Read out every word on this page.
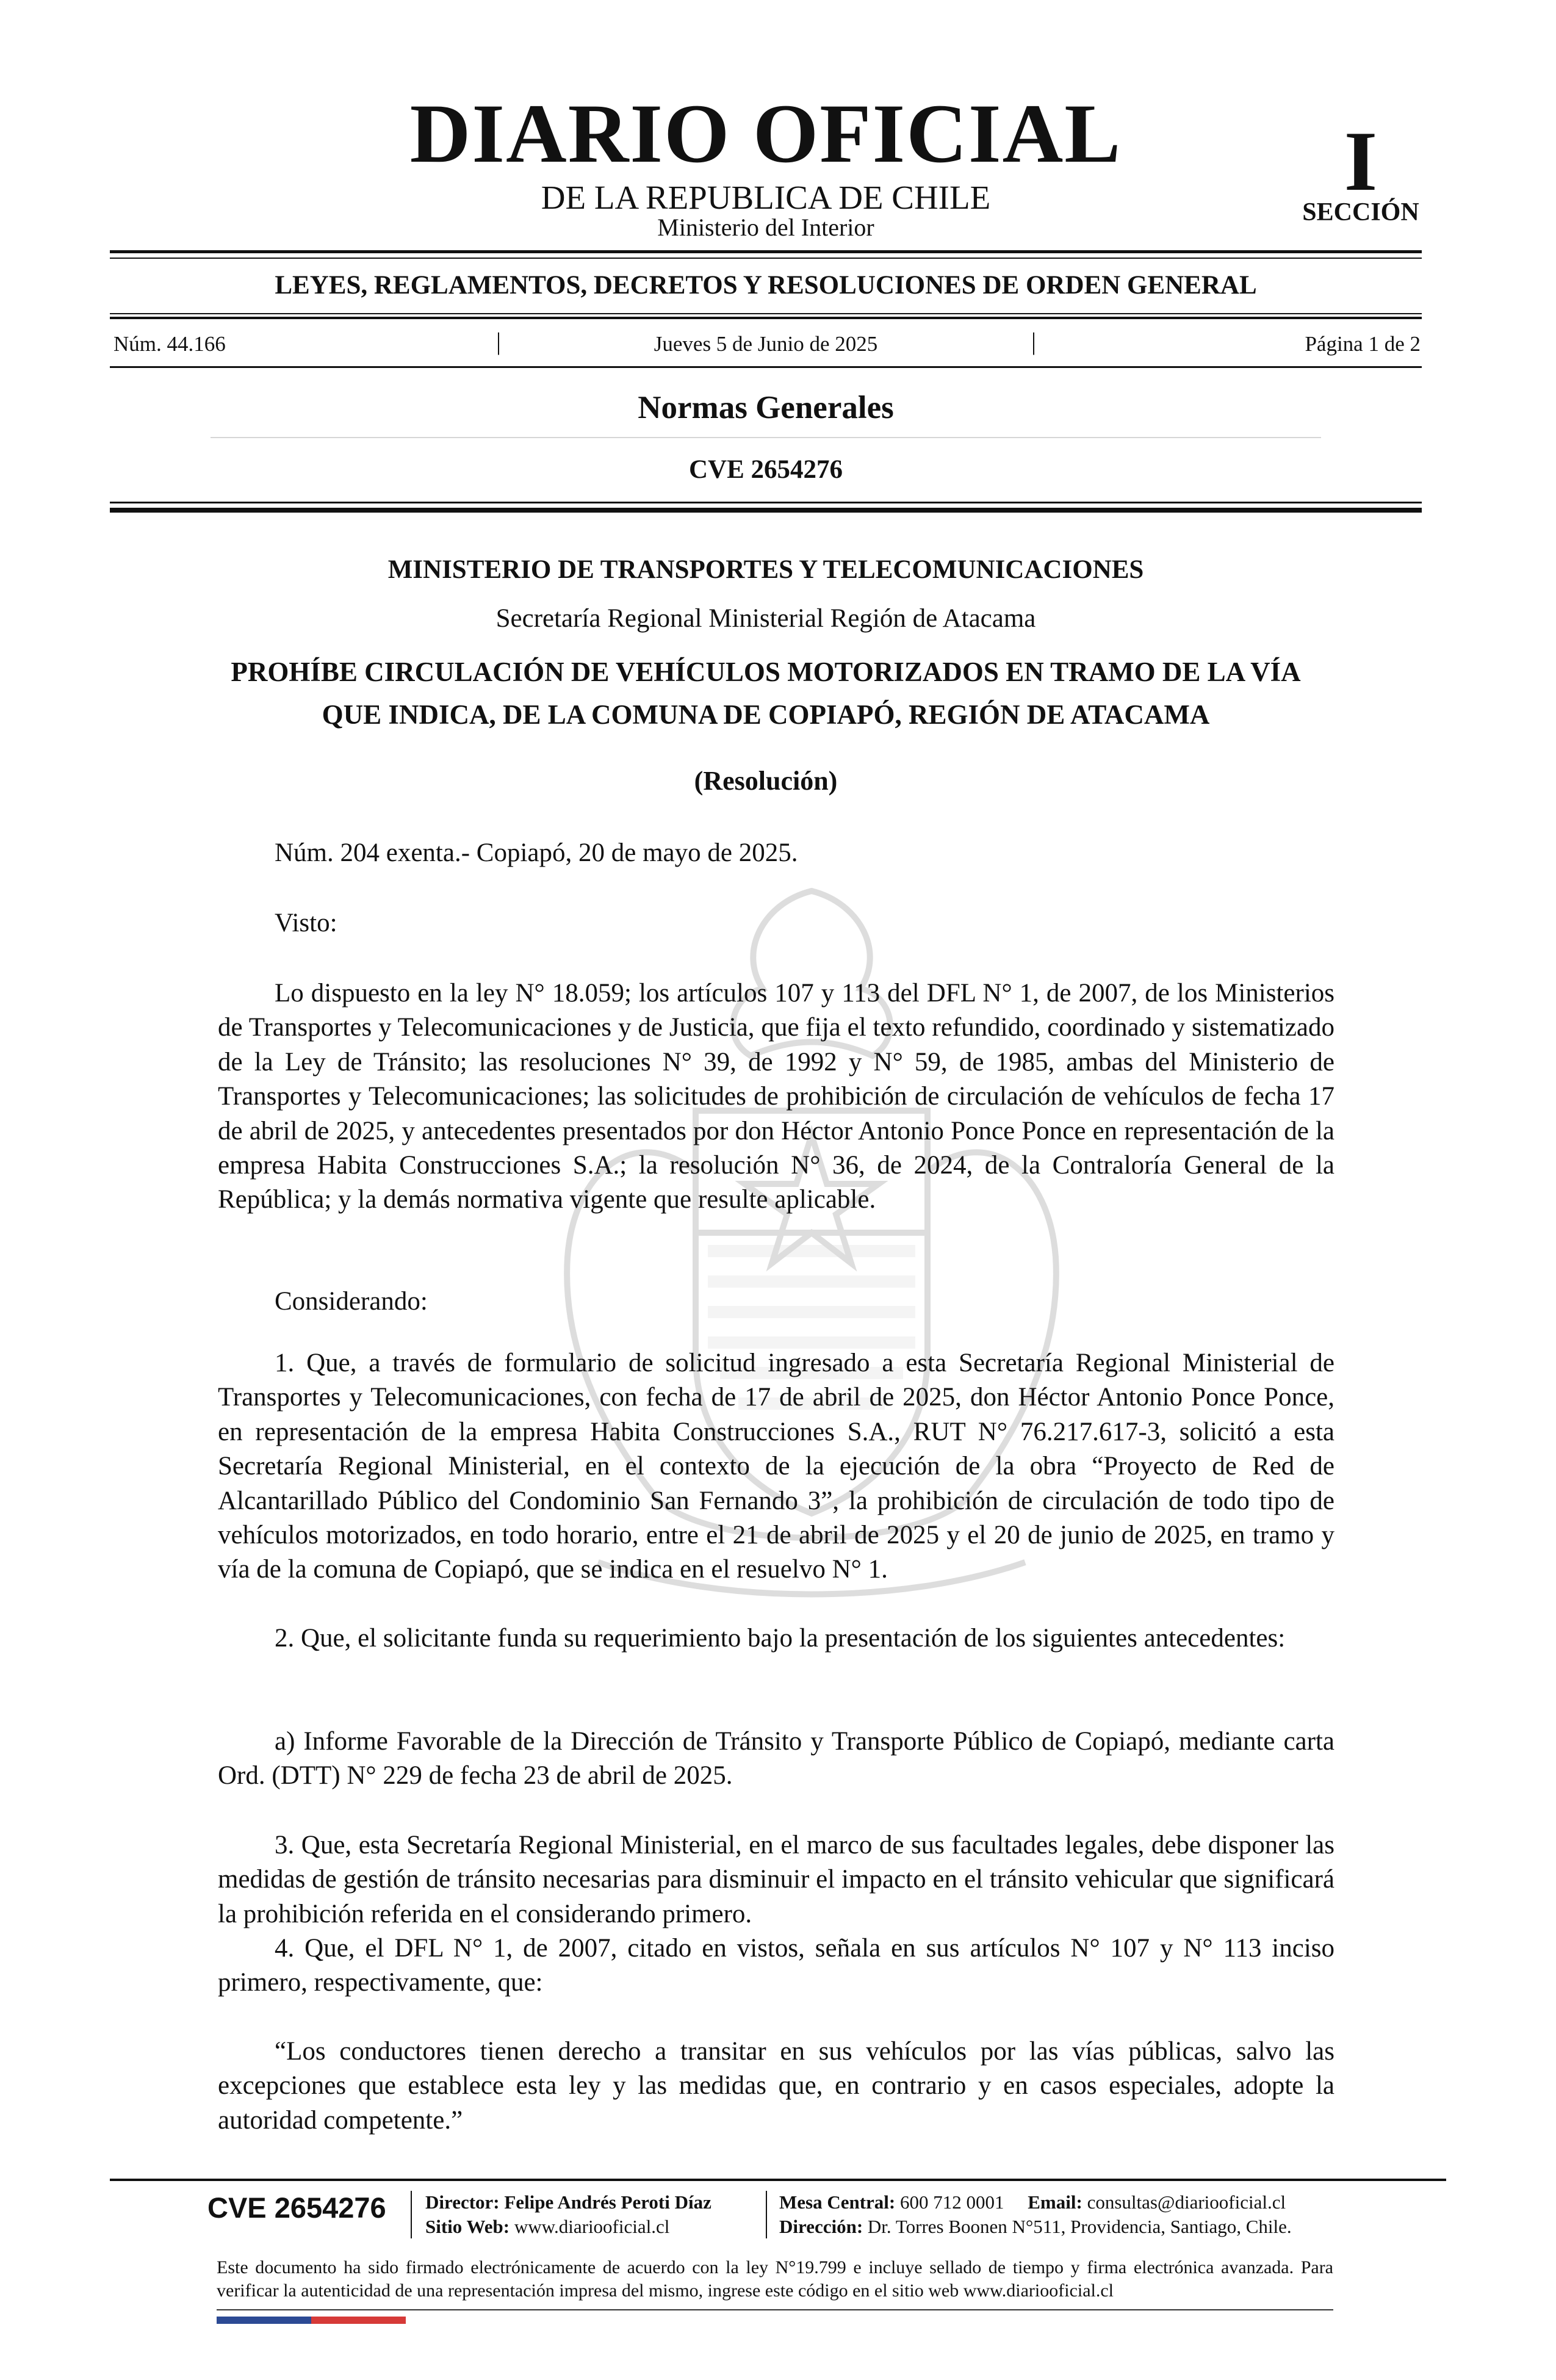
DIARIO OFICIAL
DE LA REPUBLICA DE CHILE
Ministerio del Interior
I
SECCIÓN
LEYES, REGLAMENTOS, DECRETOS Y RESOLUCIONES DE ORDEN GENERAL
Núm. 44.166	|	Jueves 5 de Junio de 2025	|	Página 1 de 2
Normas Generales
CVE 2654276
MINISTERIO DE TRANSPORTES Y TELECOMUNICACIONES
Secretaría Regional Ministerial Región de Atacama
PROHÍBE CIRCULACIÓN DE VEHÍCULOS MOTORIZADOS EN TRAMO DE LA VÍA QUE INDICA, DE LA COMUNA DE COPIAPÓ, REGIÓN DE ATACAMA
(Resolución)
Núm. 204 exenta.- Copiapó, 20 de mayo de 2025.
Visto:
Lo dispuesto en la ley N° 18.059; los artículos 107 y 113 del DFL N° 1, de 2007, de los Ministerios de Transportes y Telecomunicaciones y de Justicia, que fija el texto refundido, coordinado y sistematizado de la Ley de Tránsito; las resoluciones N° 39, de 1992 y N° 59, de 1985, ambas del Ministerio de Transportes y Telecomunicaciones; las solicitudes de prohibición de circulación de vehículos de fecha 17 de abril de 2025, y antecedentes presentados por don Héctor Antonio Ponce Ponce en representación de la empresa Habita Construcciones S.A.; la resolución N° 36, de 2024, de la Contraloría General de la República; y la demás normativa vigente que resulte aplicable.
Considerando:
1. Que, a través de formulario de solicitud ingresado a esta Secretaría Regional Ministerial de Transportes y Telecomunicaciones, con fecha de 17 de abril de 2025, don Héctor Antonio Ponce Ponce, en representación de la empresa Habita Construcciones S.A., RUT N° 76.217.617-3, solicitó a esta Secretaría Regional Ministerial, en el contexto de la ejecución de la obra “Proyecto de Red de Alcantarillado Público del Condominio San Fernando 3”, la prohibición de circulación de todo tipo de vehículos motorizados, en todo horario, entre el 21 de abril de 2025 y el 20 de junio de 2025, en tramo y vía de la comuna de Copiapó, que se indica en el resuelvo N° 1.
2. Que, el solicitante funda su requerimiento bajo la presentación de los siguientes antecedentes:
a) Informe Favorable de la Dirección de Tránsito y Transporte Público de Copiapó, mediante carta Ord. (DTT) N° 229 de fecha 23 de abril de 2025.
3. Que, esta Secretaría Regional Ministerial, en el marco de sus facultades legales, debe disponer las medidas de gestión de tránsito necesarias para disminuir el impacto en el tránsito vehicular que significará la prohibición referida en el considerando primero.
4. Que, el DFL N° 1, de 2007, citado en vistos, señala en sus artículos N° 107 y N° 113 inciso primero, respectivamente, que:
“Los conductores tienen derecho a transitar en sus vehículos por las vías públicas, salvo las excepciones que establece esta ley y las medidas que, en contrario y en casos especiales, adopte la autoridad competente.”
CVE 2654276 Director: Felipe Andrés Peroti Díaz
Sitio Web: www.diariooficial.cl
Mesa Central: 600 712 0001 Email: consultas@diariooficial.cl
Dirección: Dr. Torres Boonen N°511, Providencia, Santiago, Chile.
Este documento ha sido firmado electrónicamente de acuerdo con la ley N°19.799 e incluye sellado de tiempo y firma electrónica avanzada. Para verificar la autenticidad de una representación impresa del mismo, ingrese este código en el sitio web www.diariooficial.cl
